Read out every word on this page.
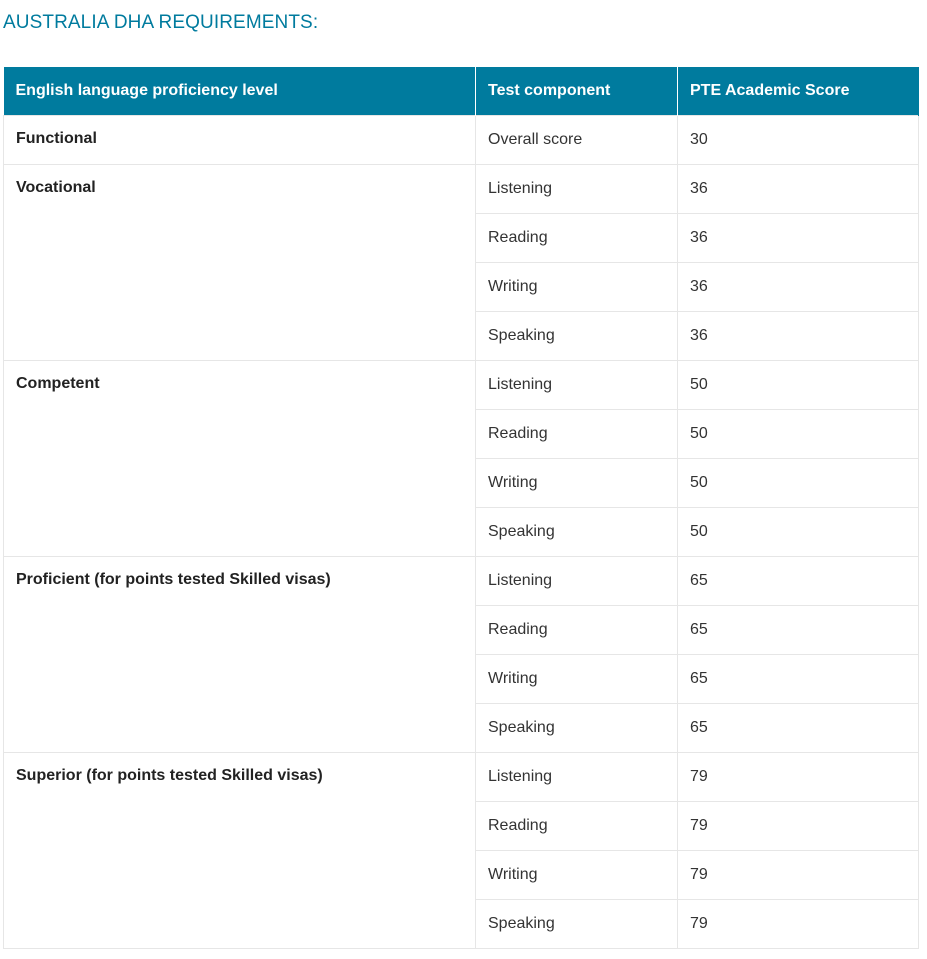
AUSTRALIA DHA REQUIREMENTS:
English language proficiency level	Test component	PTE Academic Score
Functional	Overall score	30
Vocational	Listening	36
	Reading	36
	Writing	36
	Speaking	36
Competent	Listening	50
	Reading	50
	Writing	50
	Speaking	50
Proficient (for points tested Skilled visas)	Listening	65
	Reading	65
	Writing	65
	Speaking	65
Superior (for points tested Skilled visas)	Listening	79
	Reading	79
	Writing	79
	Speaking	79
